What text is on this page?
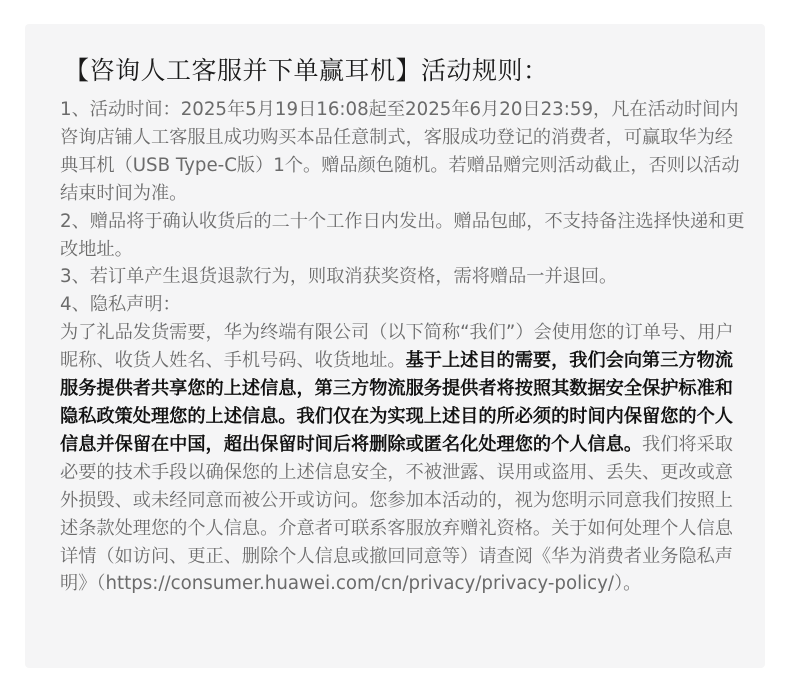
【咨询人工客服并下单赢耳机】活动规则：

1、活动时间：2025年5月19日16:08起至2025年6月20日23:59，凡在活动时间内咨询店铺人工客服且成功购买本品任意制式，客服成功登记的消费者，可赢取华为经典耳机（USB Type-C版）1个。赠品颜色随机。若赠品赠完则活动截止，否则以活动结束时间为准。

2、赠品将于确认收货后的二十个工作日内发出。赠品包邮，不支持备注选择快递和更改地址。

3、若订单产生退货退款行为，则取消获奖资格，需将赠品一并退回。

4、隐私声明：

为了礼品发货需要，华为终端有限公司（以下简称“我们”）会使用您的订单号、用户昵称、收货人姓名、手机号码、收货地址。基于上述目的需要，我们会向第三方物流服务提供者共享您的上述信息，第三方物流服务提供者将按照其数据安全保护标准和隐私政策处理您的上述信息。我们仅在为实现上述目的所必须的时间内保留您的个人信息并保留在中国，超出保留时间后将删除或匿名化处理您的个人信息。我们将采取必要的技术手段以确保您的上述信息安全，不被泄露、误用或盗用、丢失、更改或意外损毁、或未经同意而被公开或访问。您参加本活动的，视为您明示同意我们按照上述条款处理您的个人信息。介意者可联系客服放弃赠礼资格。关于如何处理个人信息详情（如访问、更正、删除个人信息或撤回同意等）请查阅《华为消费者业务隐私声明》（https://consumer.huawei.com/cn/privacy/privacy-policy/）。
